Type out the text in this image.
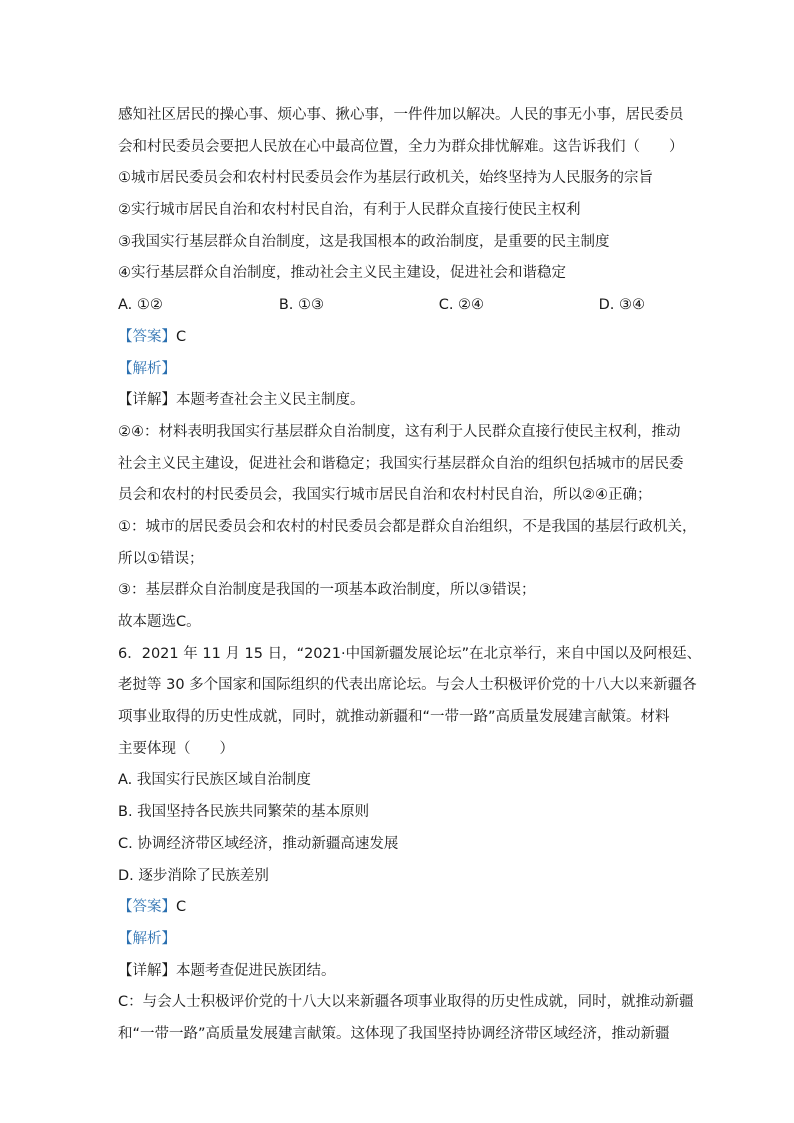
感知社区居民的操心事、烦心事、揪心事，一件件加以解决。人民的事无小事，居民委员
会和村民委员会要把人民放在心中最高位置，全力为群众排忧解难。这告诉我们（　　）
①城市居民委员会和农村村民委员会作为基层行政机关，始终坚持为人民服务的宗旨
②实行城市居民自治和农村村民自治，有利于人民群众直接行使民主权利
③我国实行基层群众自治制度，这是我国根本的政治制度，是重要的民主制度
④实行基层群众自治制度，推动社会主义民主建设，促进社会和谐稳定
A. ①②	B. ①③	C. ②④	D. ③④
【答案】C
【解析】
【详解】本题考查社会主义民主制度。
②④：材料表明我国实行基层群众自治制度，这有利于人民群众直接行使民主权利，推动
社会主义民主建设，促进社会和谐稳定；我国实行基层群众自治的组织包括城市的居民委
员会和农村的村民委员会，我国实行城市居民自治和农村村民自治，所以②④正确；
①：城市的居民委员会和农村的村民委员会都是群众自治组织，不是我国的基层行政机关，
所以①错误；
③：基层群众自治制度是我国的一项基本政治制度，所以③错误；
故本题选C。
6．2021 年 11 月 15 日，“2021·中国新疆发展论坛”在北京举行，来自中国以及阿根廷、
老挝等 30 多个国家和国际组织的代表出席论坛。与会人士积极评价党的十八大以来新疆各
项事业取得的历史性成就，同时，就推动新疆和“一带一路”高质量发展建言献策。材料
主要体现（　　）
A. 我国实行民族区域自治制度
B. 我国坚持各民族共同繁荣的基本原则
C. 协调经济带区域经济，推动新疆高速发展
D. 逐步消除了民族差别
【答案】C
【解析】
【详解】本题考查促进民族团结。
C：与会人士积极评价党的十八大以来新疆各项事业取得的历史性成就，同时，就推动新疆
和“一带一路”高质量发展建言献策。这体现了我国坚持协调经济带区域经济，推动新疆
